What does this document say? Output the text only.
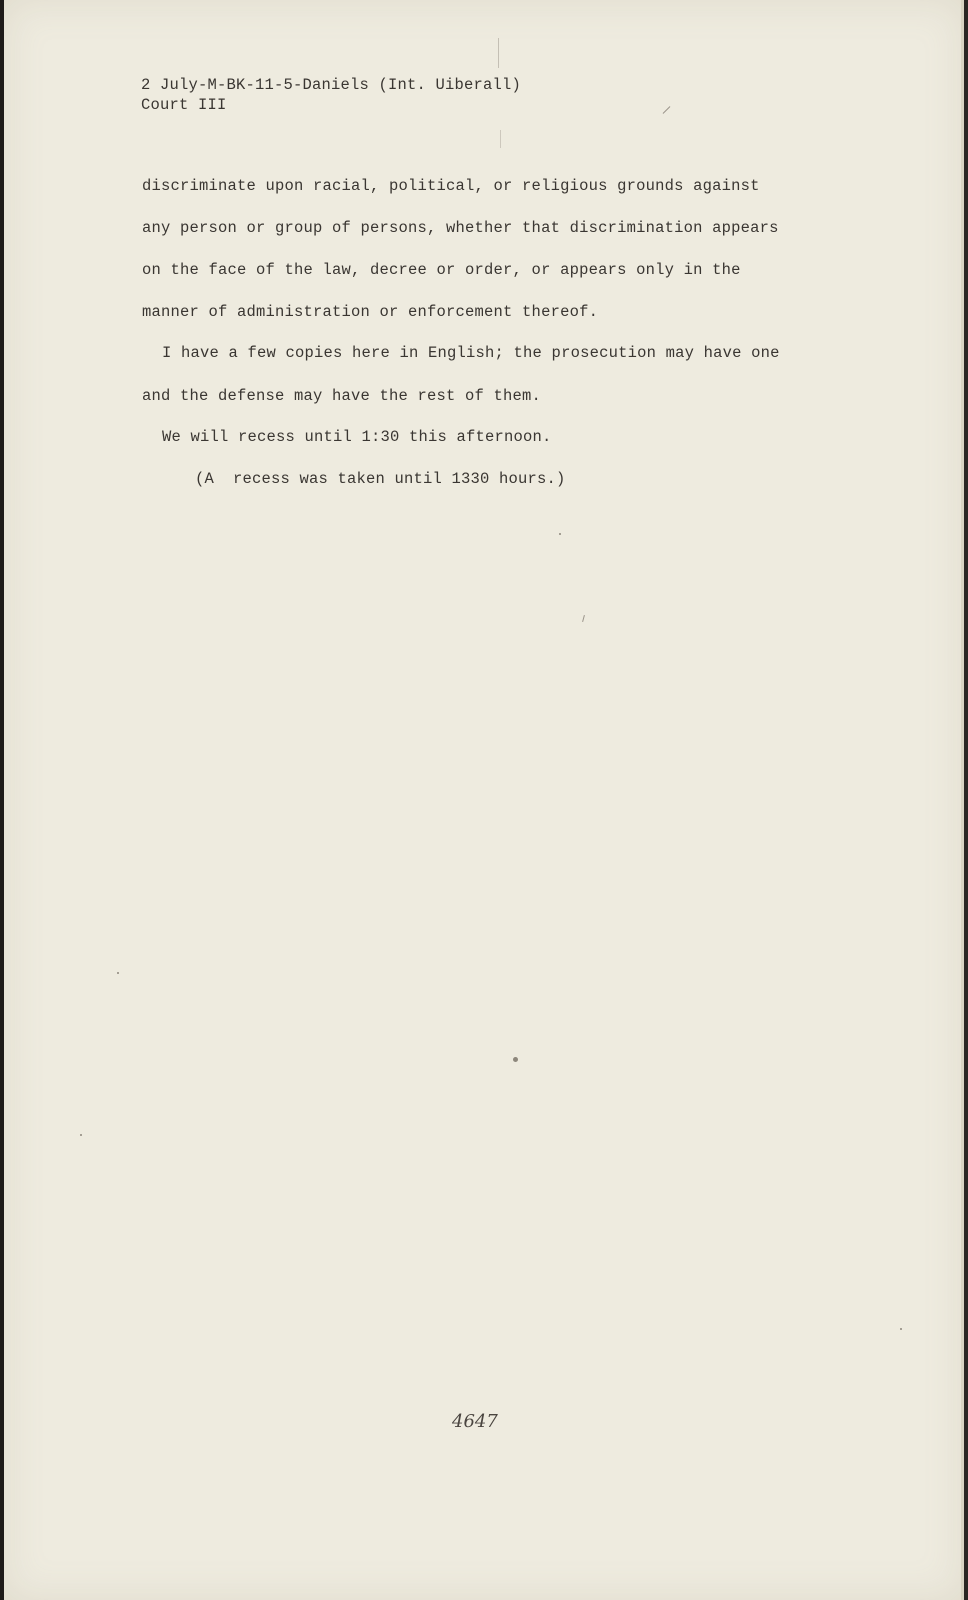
2 July-M-BK-11-5-Daniels (Int. Uiberall)
Court III
discriminate upon racial, political, or religious grounds against
any person or group of persons, whether that discrimination appears
on the face of the law, decree or order, or appears only in the
manner of administration or enforcement thereof.
I have a few copies here in English; the prosecution may have one
and the defense may have the rest of them.
We will recess until 1:30 this afternoon.
(A  recess was taken until 1330 hours.)
4647
